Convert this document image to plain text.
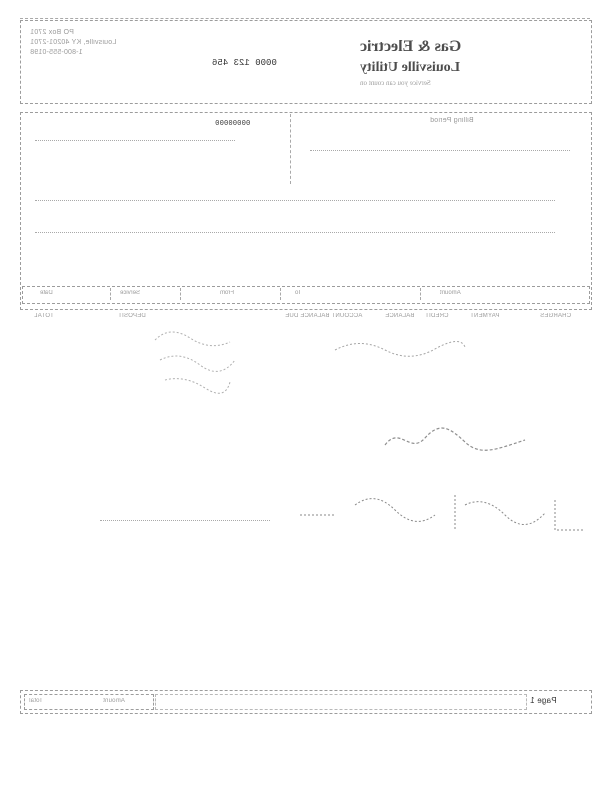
PO Box 2701
Louisville, KY 40201-2701
1-800-555-0198
0000 123 456
Gas & Electric
Louisville Utility
Service you can count on
00000000	Billing Period
Date	Service	From	To	Amount
TOTAL	DEPOSIT	ACCOUNT BALANCE DUE	BALANCE CREDIT	PAYMENT	CHARGES
Total	Amount	Page 1
